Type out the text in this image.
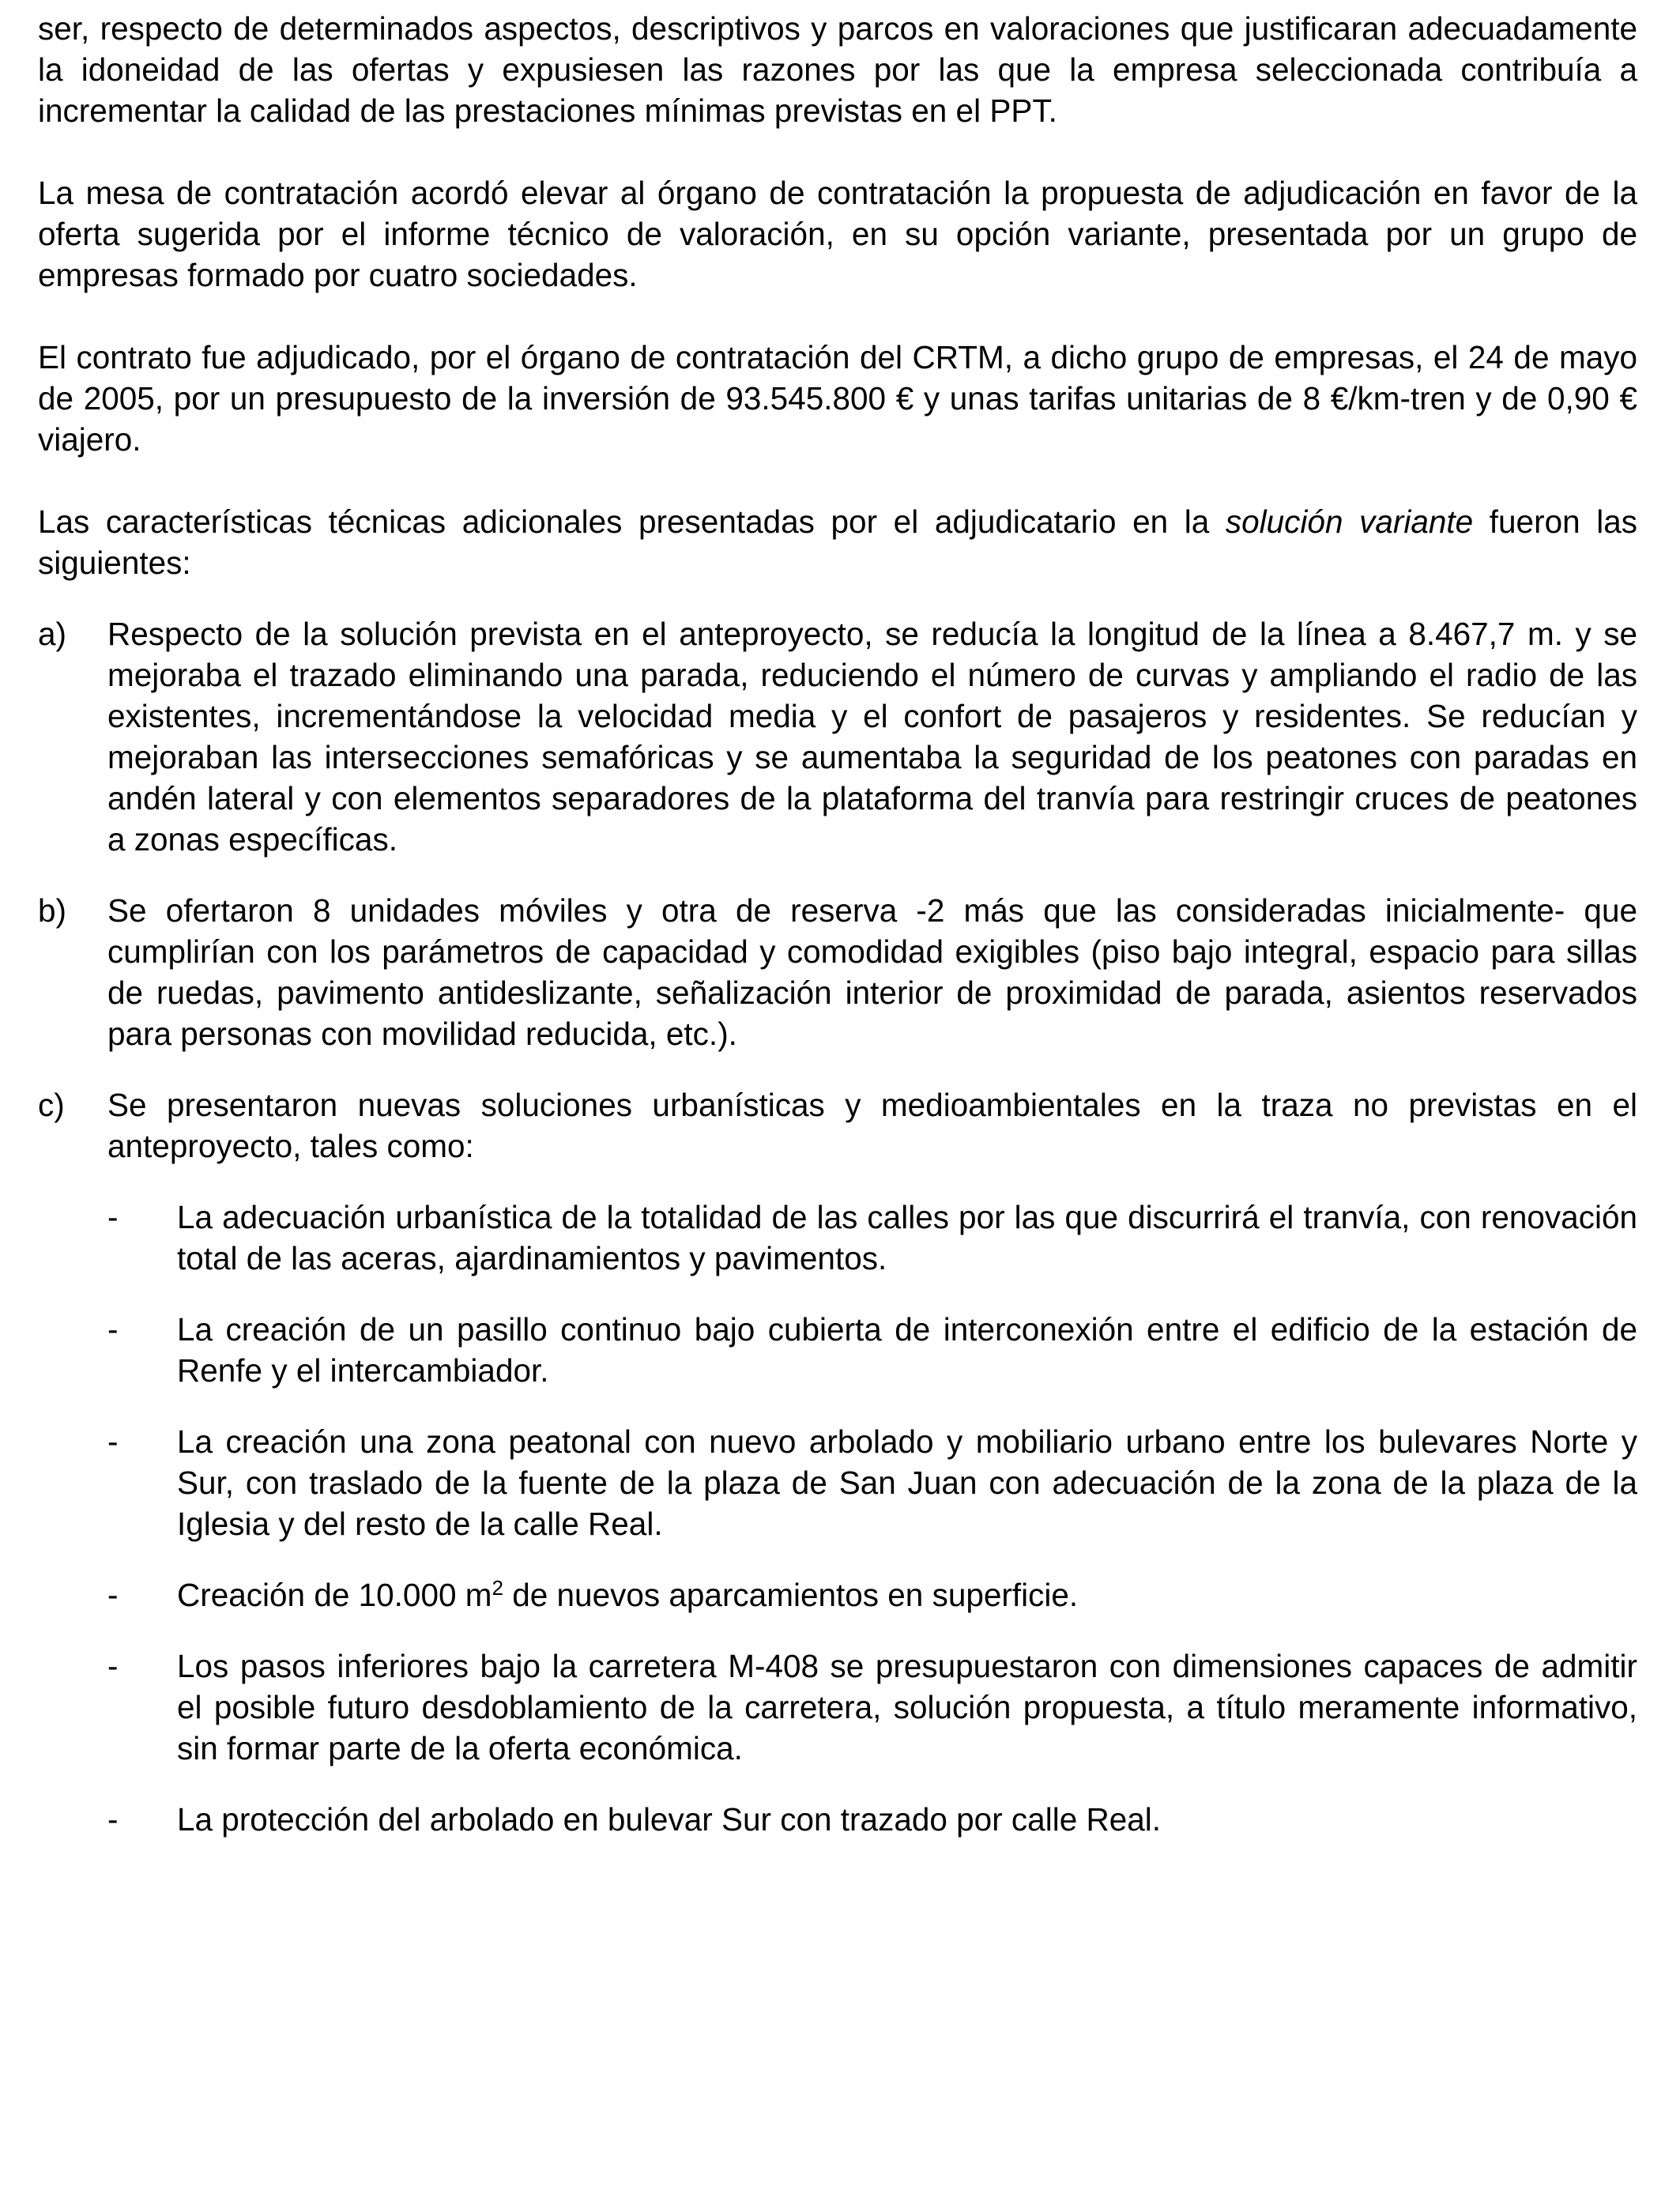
ser, respecto de determinados aspectos, descriptivos y parcos en valoraciones que justificaran adecuadamente la idoneidad de las ofertas y expusiesen las razones por las que la empresa seleccionada contribuía a incrementar la calidad de las prestaciones mínimas previstas en el PPT.

La mesa de contratación acordó elevar al órgano de contratación la propuesta de adjudicación en favor de la oferta sugerida por el informe técnico de valoración, en su opción variante, presentada por un grupo de empresas formado por cuatro sociedades.

El contrato fue adjudicado, por el órgano de contratación del CRTM, a dicho grupo de empresas, el 24 de mayo de 2005, por un presupuesto de la inversión de 93.545.800 € y unas tarifas unitarias de 8 €/km-tren y de 0,90 € viajero.

Las características técnicas adicionales presentadas por el adjudicatario en la solución variante fueron las siguientes:

a)	Respecto de la solución prevista en el anteproyecto, se reducía la longitud de la línea a 8.467,7 m. y se mejoraba el trazado eliminando una parada, reduciendo el número de curvas y ampliando el radio de las existentes, incrementándose la velocidad media y el confort de pasajeros y residentes. Se reducían y mejoraban las intersecciones semafóricas y se aumentaba la seguridad de los peatones con paradas en andén lateral y con elementos separadores de la plataforma del tranvía para restringir cruces de peatones a zonas específicas.
b)	Se ofertaron 8 unidades móviles y otra de reserva -2 más que las consideradas inicialmente- que cumplirían con los parámetros de capacidad y comodidad exigibles (piso bajo integral, espacio para sillas de ruedas, pavimento antideslizante, señalización interior de proximidad de parada, asientos reservados para personas con movilidad reducida, etc.).
c)	Se presentaron nuevas soluciones urbanísticas y medioambientales en la traza no previstas en el anteproyecto, tales como:
-	La adecuación urbanística de la totalidad de las calles por las que discurrirá el tranvía, con renovación total de las aceras, ajardinamientos y pavimentos.
-	La creación de un pasillo continuo bajo cubierta de interconexión entre el edificio de la estación de Renfe y el intercambiador.
-	La creación una zona peatonal con nuevo arbolado y mobiliario urbano entre los bulevares Norte y Sur, con traslado de la fuente de la plaza de San Juan con adecuación de la zona de la plaza de la Iglesia y del resto de la calle Real.
-	Creación de 10.000 $m^2$ de nuevos aparcamientos en superficie.
-	Los pasos inferiores bajo la carretera M-408 se presupuestaron con dimensiones capaces de admitir el posible futuro desdoblamiento de la carretera, solución propuesta, a título meramente informativo, sin formar parte de la oferta económica.
-	La protección del arbolado en bulevar Sur con trazado por calle Real.
